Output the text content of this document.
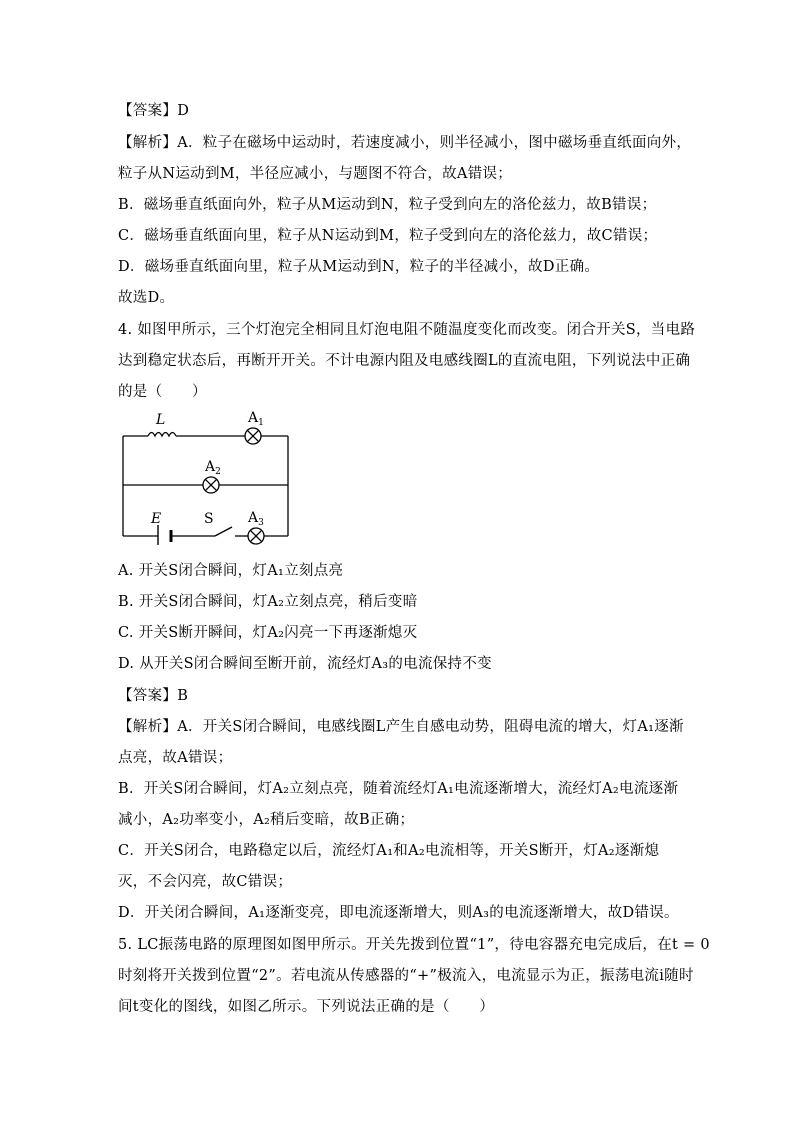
【答案】D
【解析】A．粒子在磁场中运动时，若速度减小，则半径减小，图中磁场垂直纸面向外，
粒子从N运动到M，半径应减小，与题图不符合，故A错误；
B．磁场垂直纸面向外，粒子从M运动到N，粒子受到向左的洛伦兹力，故B错误；
C．磁场垂直纸面向里，粒子从N运动到M，粒子受到向左的洛伦兹力，故C错误；
D．磁场垂直纸面向里，粒子从M运动到N，粒子的半径减小，故D正确。
故选D。
4. 如图甲所示，三个灯泡完全相同且灯泡电阻不随温度变化而改变。闭合开关S，当电路
达到稳定状态后，再断开开关。不计电源内阻及电感线圈L的直流电阻，下列说法中正确
的是（　　）
L	$A_1$
$A_2$
E	S $A_3$
A. 开关S闭合瞬间，灯A₁立刻点亮
B. 开关S闭合瞬间，灯A₂立刻点亮，稍后变暗
C. 开关S断开瞬间，灯A₂闪亮一下再逐渐熄灭
D. 从开关S闭合瞬间至断开前，流经灯A₃的电流保持不变
【答案】B
【解析】A．开关S闭合瞬间，电感线圈L产生自感电动势，阻碍电流的增大，灯A₁逐渐
点亮，故A错误；
B．开关S闭合瞬间，灯A₂立刻点亮，随着流经灯A₁电流逐渐增大，流经灯A₂电流逐渐
减小，A₂功率变小，A₂稍后变暗，故B正确；
C．开关S闭合，电路稳定以后，流经灯A₁和A₂电流相等，开关S断开，灯A₂逐渐熄
灭，不会闪亮，故C错误；
D．开关闭合瞬间，A₁逐渐变亮，即电流逐渐增大，则A₃的电流逐渐增大，故D错误。
5. LC振荡电路的原理图如图甲所示。开关先拨到位置“1”，待电容器充电完成后，在t = 0
时刻将开关拨到位置“2”。若电流从传感器的“+”极流入，电流显示为正，振荡电流i随时
间t变化的图线，如图乙所示。下列说法正确的是（　　）
